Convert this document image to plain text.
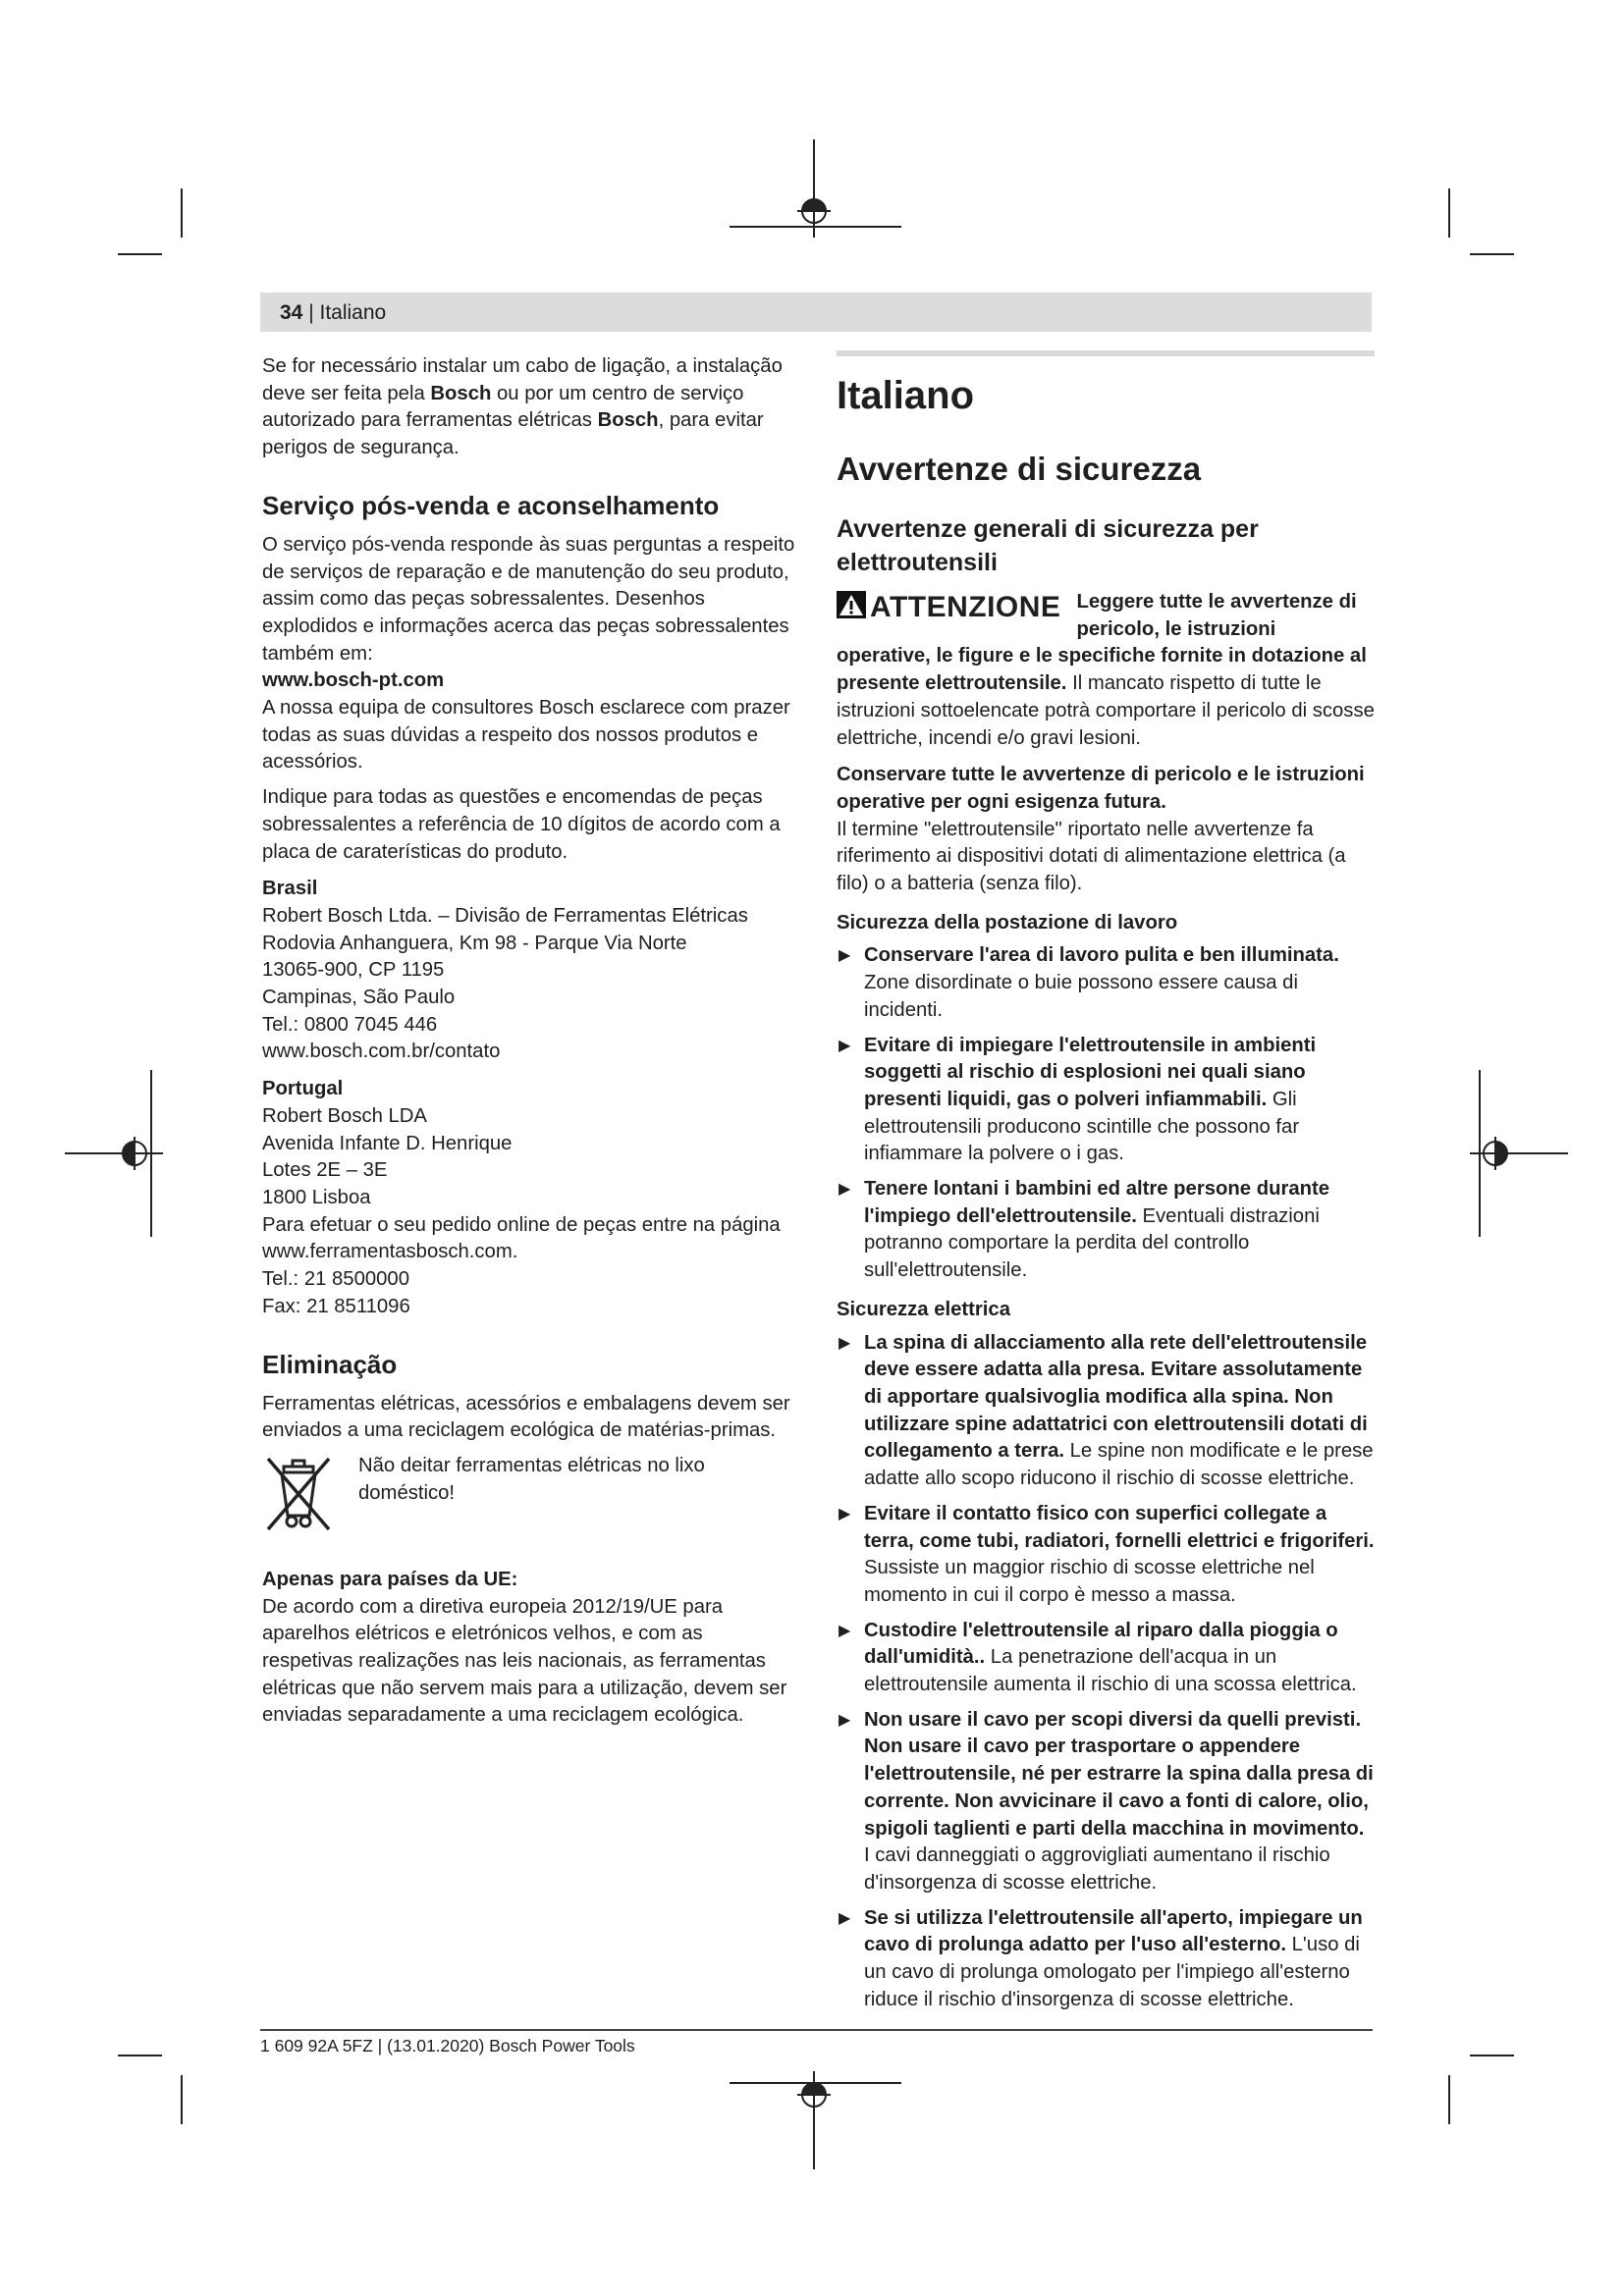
34 | Italiano

Se for necessário instalar um cabo de ligação, a instalação deve ser feita pela Bosch ou por um centro de serviço autorizado para ferramentas elétricas Bosch, para evitar perigos de segurança.

Serviço pós-venda e aconselhamento

O serviço pós-venda responde às suas perguntas a respeito de serviços de reparação e de manutenção do seu produto, assim como das peças sobressalentes. Desenhos explodidos e informações acerca das peças sobressalentes também em:

www.bosch-pt.com

A nossa equipa de consultores Bosch esclarece com prazer todas as suas dúvidas a respeito dos nossos produtos e acessórios.

Indique para todas as questões e encomendas de peças sobressalentes a referência de 10 dígitos de acordo com a placa de caraterísticas do produto.

Brasil

Robert Bosch Ltda. – Divisão de Ferramentas Elétricas

Rodovia Anhanguera, Km 98 - Parque Via Norte

13065-900, CP 1195

Campinas, São Paulo

Tel.: 0800 7045 446

www.bosch.com.br/contato

Portugal

Robert Bosch LDA

Avenida Infante D. Henrique

Lotes 2E – 3E

1800 Lisboa

Para efetuar o seu pedido online de peças entre na página www.ferramentasbosch.com.

Tel.: 21 8500000

Fax: 21 8511096

Eliminação

Ferramentas elétricas, acessórios e embalagens devem ser enviados a uma reciclagem ecológica de matérias-primas.

Não deitar ferramentas elétricas no lixo doméstico!

Apenas para países da UE:

De acordo com a diretiva europeia 2012/19/UE para aparelhos elétricos e eletrónicos velhos, e com as respetivas realizações nas leis nacionais, as ferramentas elétricas que não servem mais para a utilização, devem ser enviadas separadamente a uma reciclagem ecológica.

Italiano
Avvertenze di sicurezza
Avvertenze generali di sicurezza per elettroutensili
ATTENZIONE Leggere tutte le avvertenze di pericolo, le istruzioni operative, le figure e le specifiche fornite in dotazione al presente elettroutensile. Il mancato rispetto di tutte le istruzioni sottoelencate potrà comportare il pericolo di scosse elettriche, incendi e/o gravi lesioni.

Conservare tutte le avvertenze di pericolo e le istruzioni operative per ogni esigenza futura.

Il termine "elettroutensile" riportato nelle avvertenze fa riferimento ai dispositivi dotati di alimentazione elettrica (a filo) o a batteria (senza filo).

Sicurezza della postazione di lavoro

▶ Conservare l'area di lavoro pulita e ben illuminata. Zone disordinate o buie possono essere causa di incidenti.
▶ Evitare di impiegare l'elettroutensile in ambienti soggetti al rischio di esplosioni nei quali siano presenti liquidi, gas o polveri infiammabili. Gli elettroutensili producono scintille che possono far infiammare la polvere o i gas.
▶ Tenere lontani i bambini ed altre persone durante l'impiego dell'elettroutensile. Eventuali distrazioni potranno comportare la perdita del controllo sull'elettroutensile.

Sicurezza elettrica

▶ La spina di allacciamento alla rete dell'elettroutensile deve essere adatta alla presa. Evitare assolutamente di apportare qualsivoglia modifica alla spina. Non utilizzare spine adattatrici con elettroutensili dotati di collegamento a terra. Le spine non modificate e le prese adatte allo scopo riducono il rischio di scosse elettriche.
▶ Evitare il contatto fisico con superfici collegate a terra, come tubi, radiatori, fornelli elettrici e frigoriferi. Sussiste un maggior rischio di scosse elettriche nel momento in cui il corpo è messo a massa.
▶ Custodire l'elettroutensile al riparo dalla pioggia o dall'umidità.. La penetrazione dell'acqua in un elettroutensile aumenta il rischio di una scossa elettrica.
▶ Non usare il cavo per scopi diversi da quelli previsti. Non usare il cavo per trasportare o appendere l'elettroutensile, né per estrarre la spina dalla presa di corrente. Non avvicinare il cavo a fonti di calore, olio, spigoli taglienti e parti della macchina in movimento. I cavi danneggiati o aggrovigliati aumentano il rischio d'insorgenza di scosse elettriche.
▶ Se si utilizza l'elettroutensile all'aperto, impiegare un cavo di prolunga adatto per l'uso all'esterno. L'uso di un cavo di prolunga omologato per l'impiego all'esterno riduce il rischio d'insorgenza di scosse elettriche.
1 609 92A 5FZ | (13.01.2020) Bosch Power Tools
